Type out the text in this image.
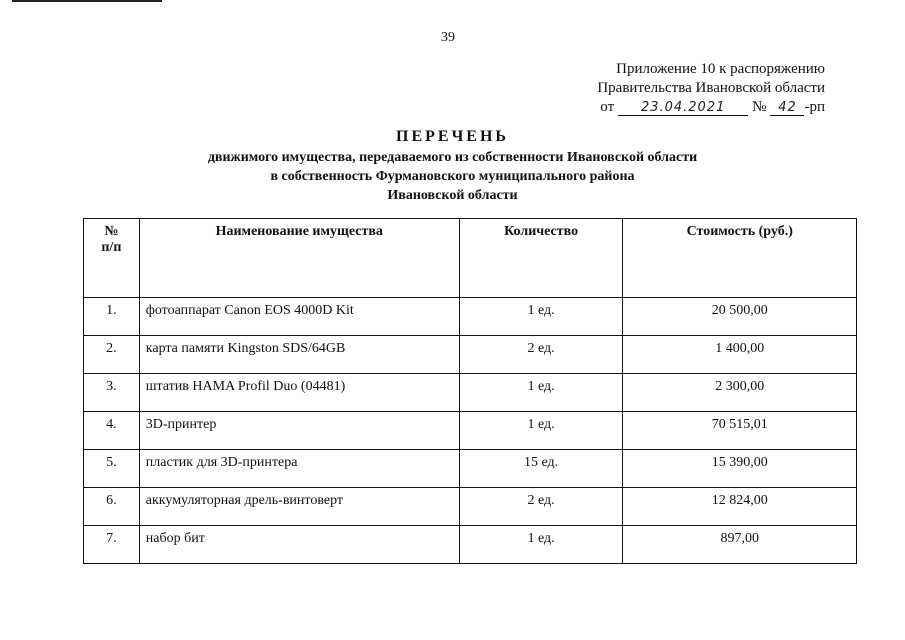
39
Приложение 10 к распоряжению
Правительства Ивановской области
от	23.04.2021	№ 42 -рп
ПЕРЕЧЕНЬ
движимого имущества, передаваемого из собственности Ивановской области
в собственность Фурмановского муниципального района
Ивановской области
№
п/п	Наименование имущества	Количество	Стоимость (руб.)
1.	фотоаппарат Canon EOS 4000D Kit	1 ед.	20 500,00
2.	карта памяти Kingston SDS/64GB	2 ед.	1 400,00
3.	штатив HAMA Profil Duo (04481)	1 ед.	2 300,00
4.	3D-принтер	1 ед.	70 515,01
5.	пластик для 3D-принтера	15 ед.	15 390,00
6.	аккумуляторная дрель-винтоверт	2 ед.	12 824,00
7.	набор бит	1 ед.	897,00
